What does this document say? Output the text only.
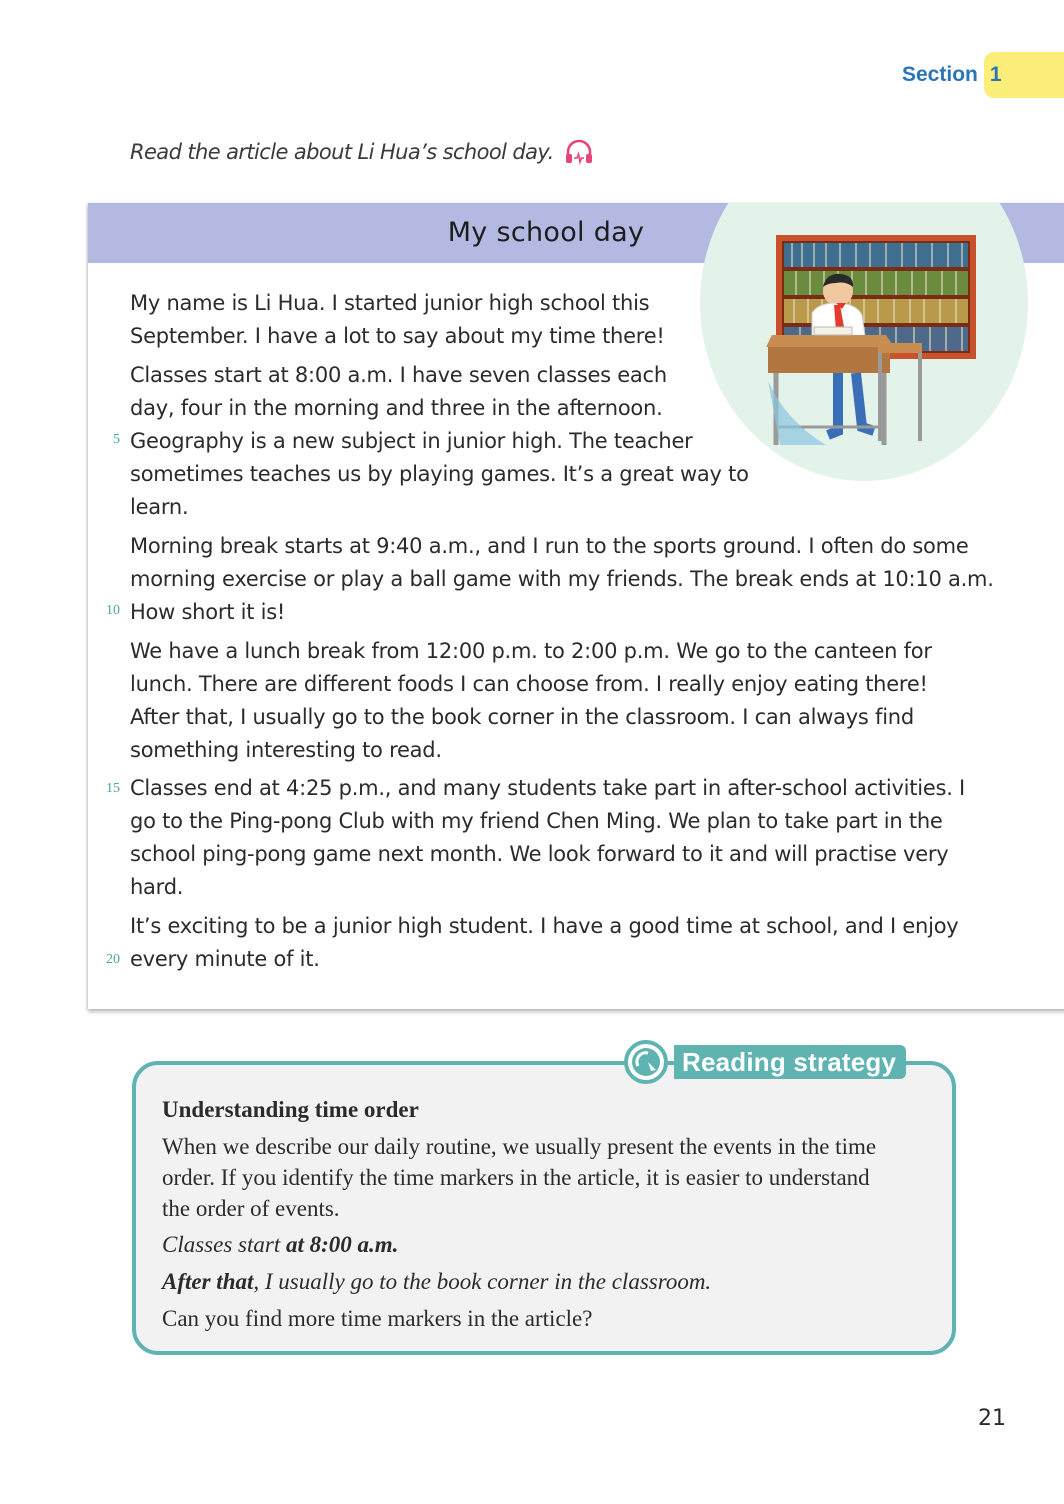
Section 1
Read the article about Li Hua’s school day.
My school day
My name is Li Hua. I started junior high school this
September. I have a lot to say about my time there!
Classes start at 8:00 a.m. I have seven classes each
day, four in the morning and three in the afternoon.
Geography is a new subject in junior high. The teacher
sometimes teaches us by playing games. It’s a great way to
learn.
Morning break starts at 9:40 a.m., and I run to the sports ground. I often do some
morning exercise or play a ball game with my friends. The break ends at 10:10 a.m.
How short it is!
We have a lunch break from 12:00 p.m. to 2:00 p.m. We go to the canteen for
lunch. There are different foods I can choose from. I really enjoy eating there!
After that, I usually go to the book corner in the classroom. I can always find
something interesting to read.
Classes end at 4:25 p.m., and many students take part in after-school activities. I
go to the Ping-pong Club with my friend Chen Ming. We plan to take part in the
school ping-pong game next month. We look forward to it and will practise very
hard.
It’s exciting to be a junior high student. I have a good time at school, and I enjoy
every minute of it.
5
10
15
20
Reading strategy

Understanding time order

When we describe our daily routine, we usually present the events in the time

order. If you identify the time markers in the article, it is easier to understand

the order of events.

Classes start at 8:00 a.m.

After that, I usually go to the book corner in the classroom.

Can you find more time markers in the article?

21
